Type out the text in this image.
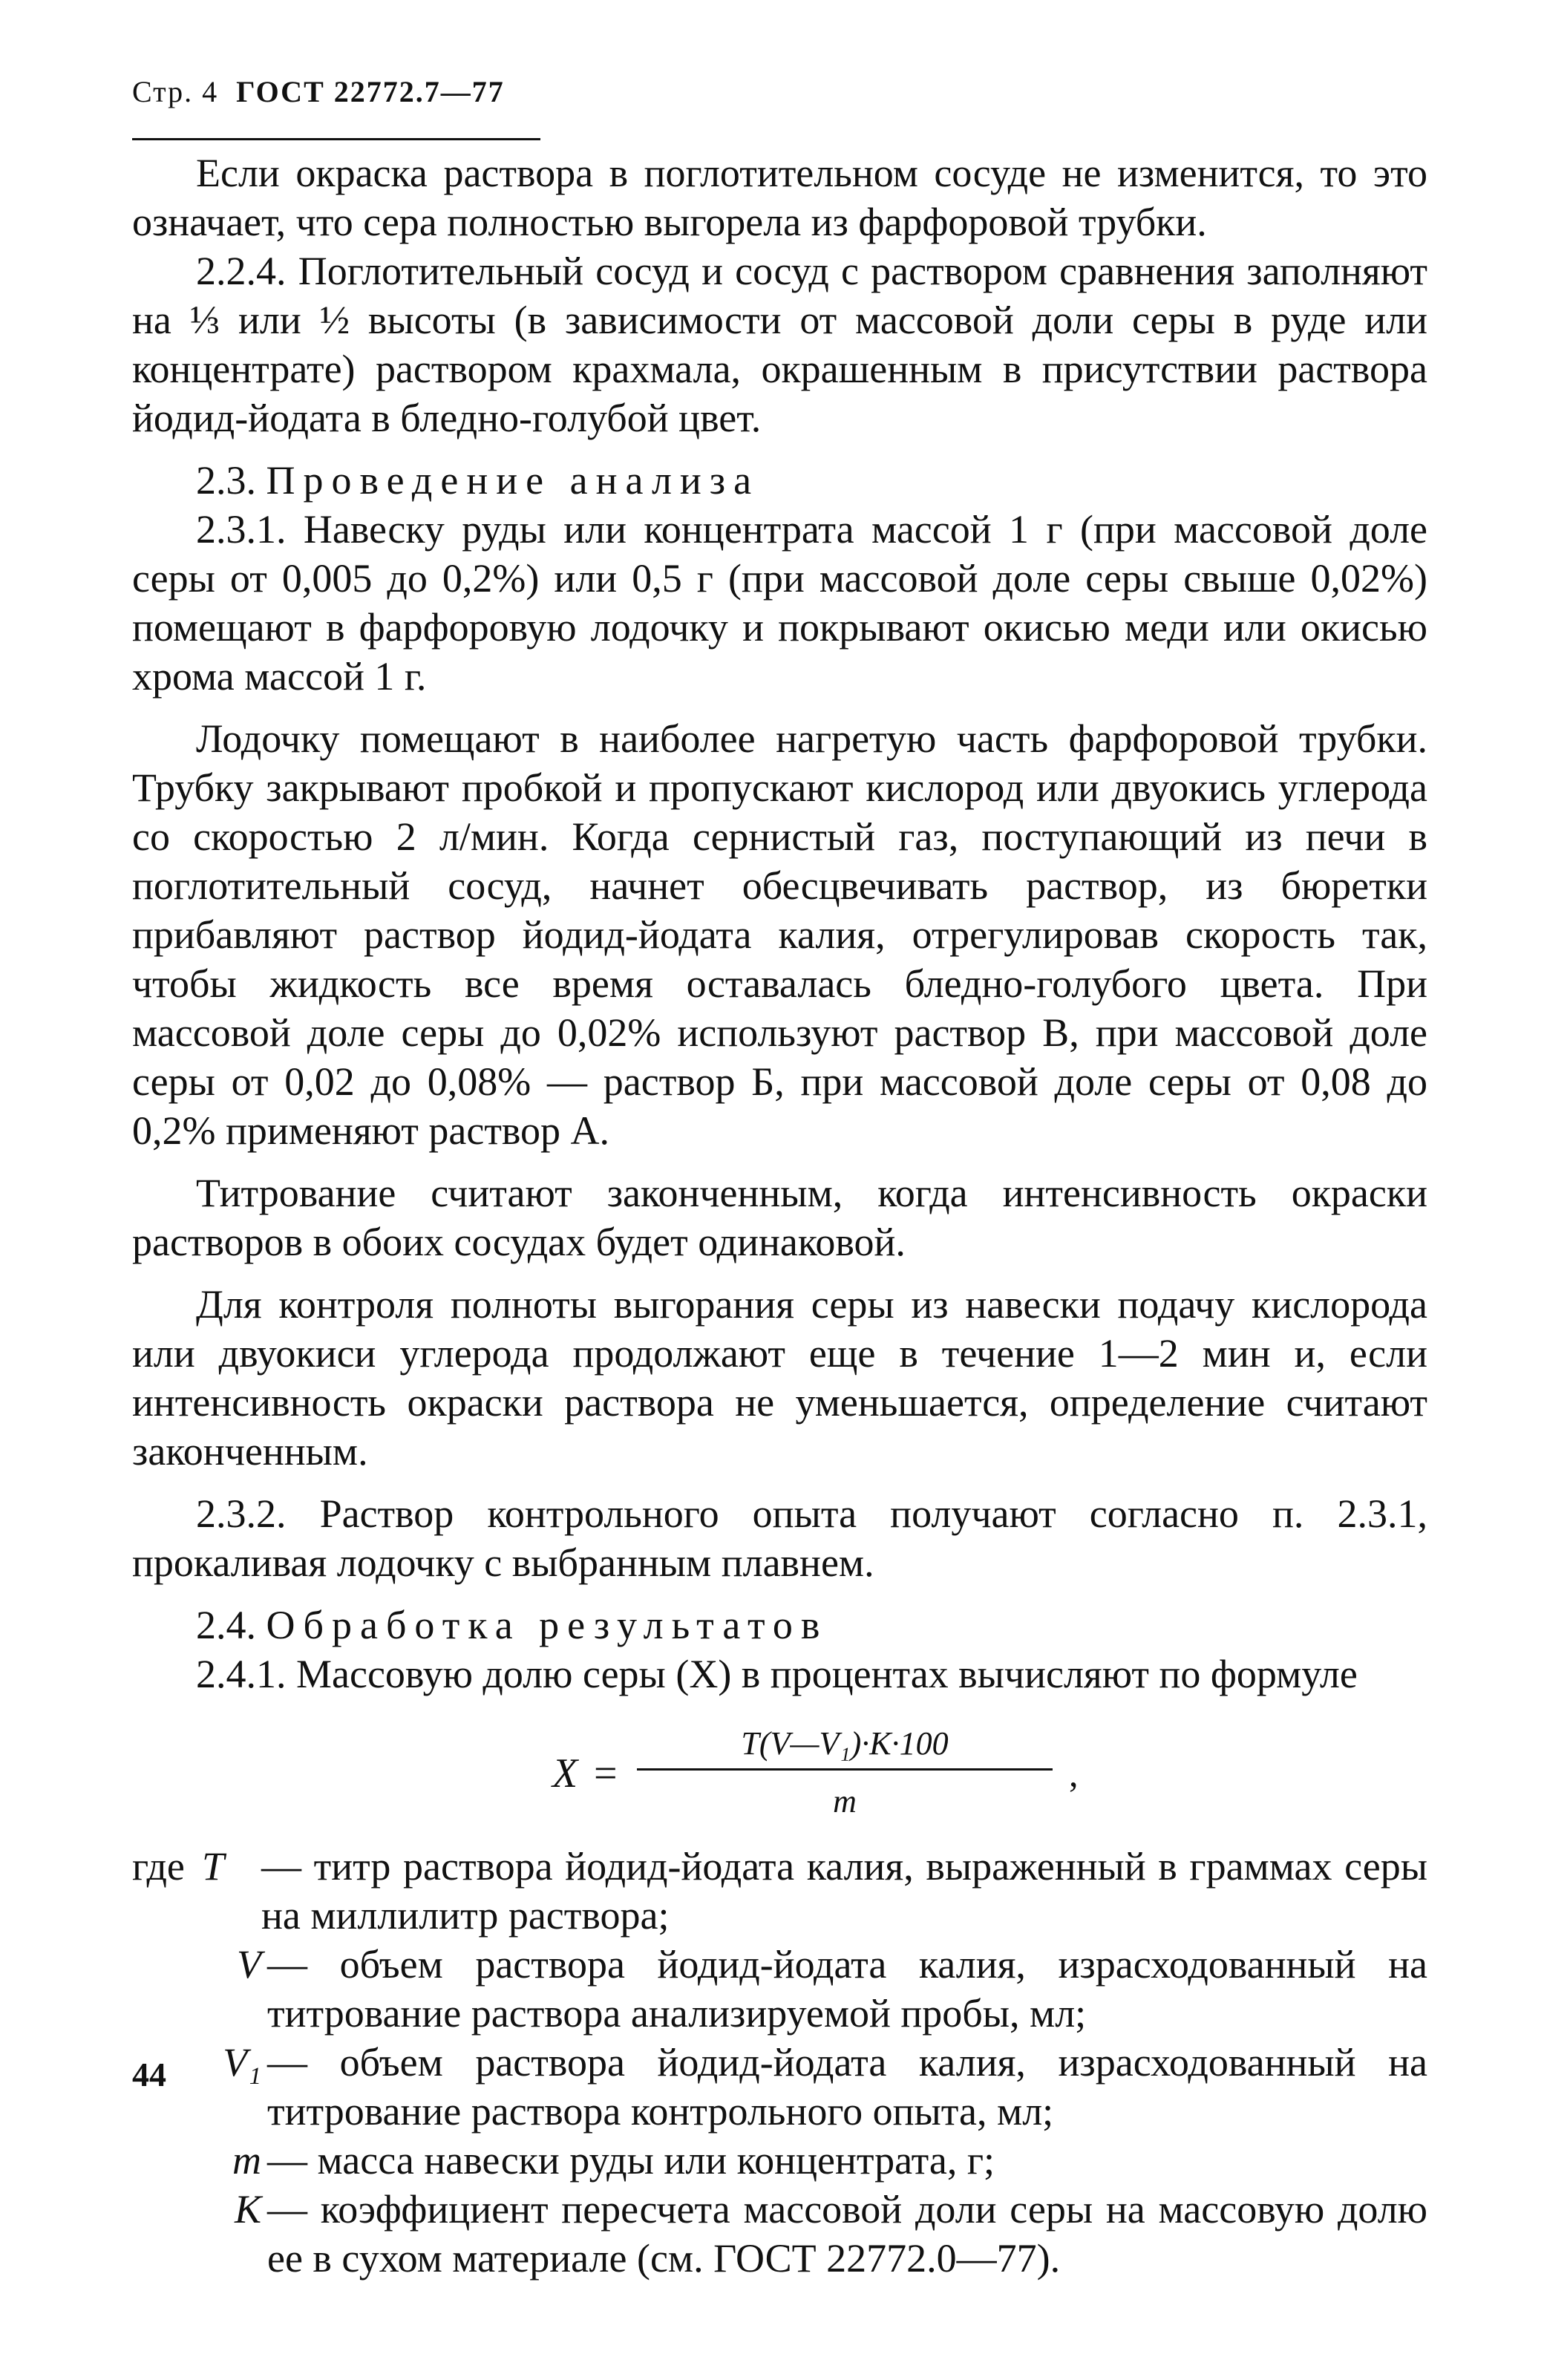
Стр. 4 ГОСТ 22772.7—77

Если окраска раствора в поглотительном сосуде не изменится, то это означает, что сера полностью выгорела из фарфоровой трубки.

2.2.4. Поглотительный сосуд и сосуд с раствором сравнения заполняют на ⅓ или ½ высоты (в зависимости от массовой доли серы в руде или концентрате) раствором крахмала, окрашенным в присутствии раствора йодид-йодата в бледно-голубой цвет.

2.3. Проведение анализа

2.3.1. Навеску руды или концентрата массой 1 г (при массовой доле серы от 0,005 до 0,2%) или 0,5 г (при массовой доле серы свыше 0,02%) помещают в фарфоровую лодочку и покрывают окисью меди или окисью хрома массой 1 г.

Лодочку помещают в наиболее нагретую часть фарфоровой трубки. Трубку закрывают пробкой и пропускают кислород или двуокись углерода со скоростью 2 л/мин. Когда сернистый газ, поступающий из печи в поглотительный сосуд, начнет обесцвечивать раствор, из бюретки прибавляют раствор йодид-йодата калия, отрегулировав скорость так, чтобы жидкость все время оставалась бледно-голубого цвета. При массовой доле серы до 0,02% используют раствор В, при массовой доле серы от 0,02 до 0,08% — раствор Б, при массовой доле серы от 0,08 до 0,2% применяют раствор А.

Титрование считают законченным, когда интенсивность окраски растворов в обоих сосудах будет одинаковой.

Для контроля полноты выгорания серы из навески подачу кислорода или двуокиси углерода продолжают еще в течение 1—2 мин и, если интенсивность окраски раствора не уменьшается, определение считают законченным.

2.3.2. Раствор контрольного опыта получают согласно п. 2.3.1, прокаливая лодочку с выбранным плавнем.

2.4. Обработка результатов

2.4.1. Массовую долю серы (X) в процентах вычисляют по формуле

X =
T(V—V₁)·K·100
m
,
где T — титр раствора йодид-йодата калия, выраженный в граммах серы на миллилитр раствора;
V — объем раствора йодид-йодата калия, израсходованный на титрование раствора анализируемой пробы, мл;
V₁ — объем раствора йодид-йодата калия, израсходованный на титрование раствора контрольного опыта, мл;
m — масса навески руды или концентрата, г;
K — коэффициент пересчета массовой доли серы на массовую долю ее в сухом материале (см. ГОСТ 22772.0—77).
44
